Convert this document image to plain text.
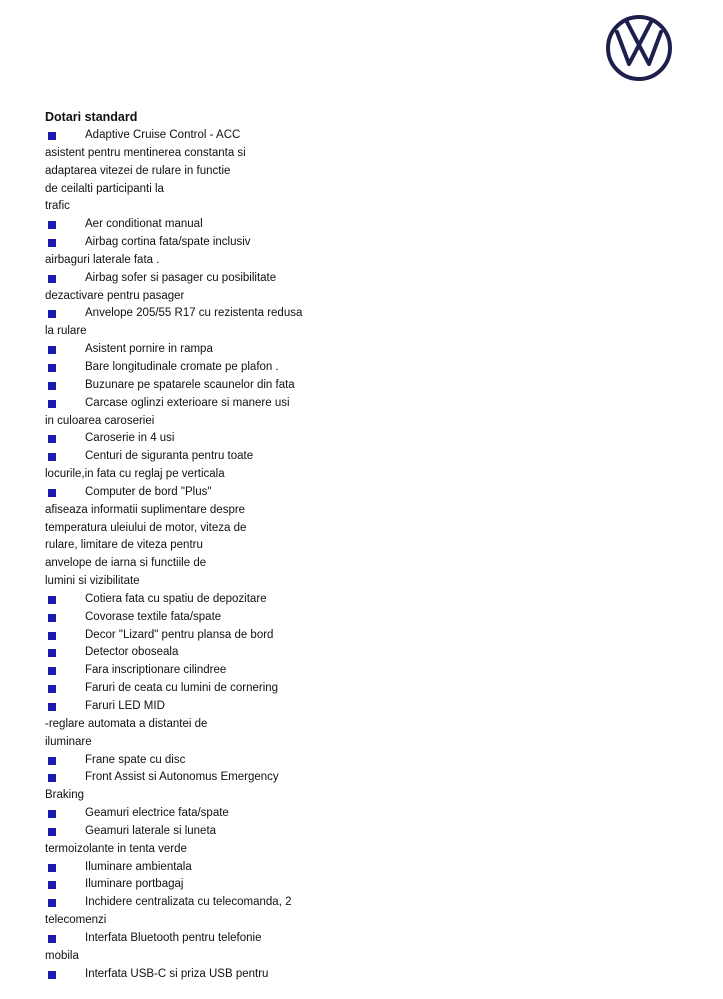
Dotari standard
Adaptive Cruise Control - ACC
asistent pentru mentinerea constanta si
adaptarea vitezei de rulare in functie
de ceilalti participanti la
trafic
Aer conditionat manual
Airbag cortina fata/spate inclusiv
airbaguri laterale fata .
Airbag sofer si pasager cu posibilitate
dezactivare pentru pasager
Anvelope 205/55 R17 cu rezistenta redusa
la rulare
Asistent pornire in rampa
Bare longitudinale cromate pe plafon .
Buzunare pe spatarele scaunelor din fata
Carcase oglinzi exterioare si manere usi
in culoarea caroseriei
Caroserie in 4 usi
Centuri de siguranta pentru toate
locurile,in fata cu reglaj pe verticala
Computer de bord "Plus"
afiseaza informatii suplimentare despre
temperatura uleiului de motor, viteza de
rulare, limitare de viteza pentru
anvelope de iarna si functiile de
lumini si vizibilitate
Cotiera fata cu spatiu de depozitare
Covorase textile fata/spate
Decor "Lizard" pentru plansa de bord
Detector oboseala
Fara inscriptionare cilindree
Faruri de ceata cu lumini de cornering
Faruri LED MID
-reglare automata a distantei de
iluminare
Frane spate cu disc
Front Assist si Autonomus Emergency
Braking
Geamuri electrice fata/spate
Geamuri laterale si luneta
termoizolante in tenta verde
Iluminare ambientala
Iluminare portbagaj
Inchidere centralizata cu telecomanda, 2
telecomenzi
Interfata Bluetooth pentru telefonie
mobila
Interfata USB-C si priza USB pentru
